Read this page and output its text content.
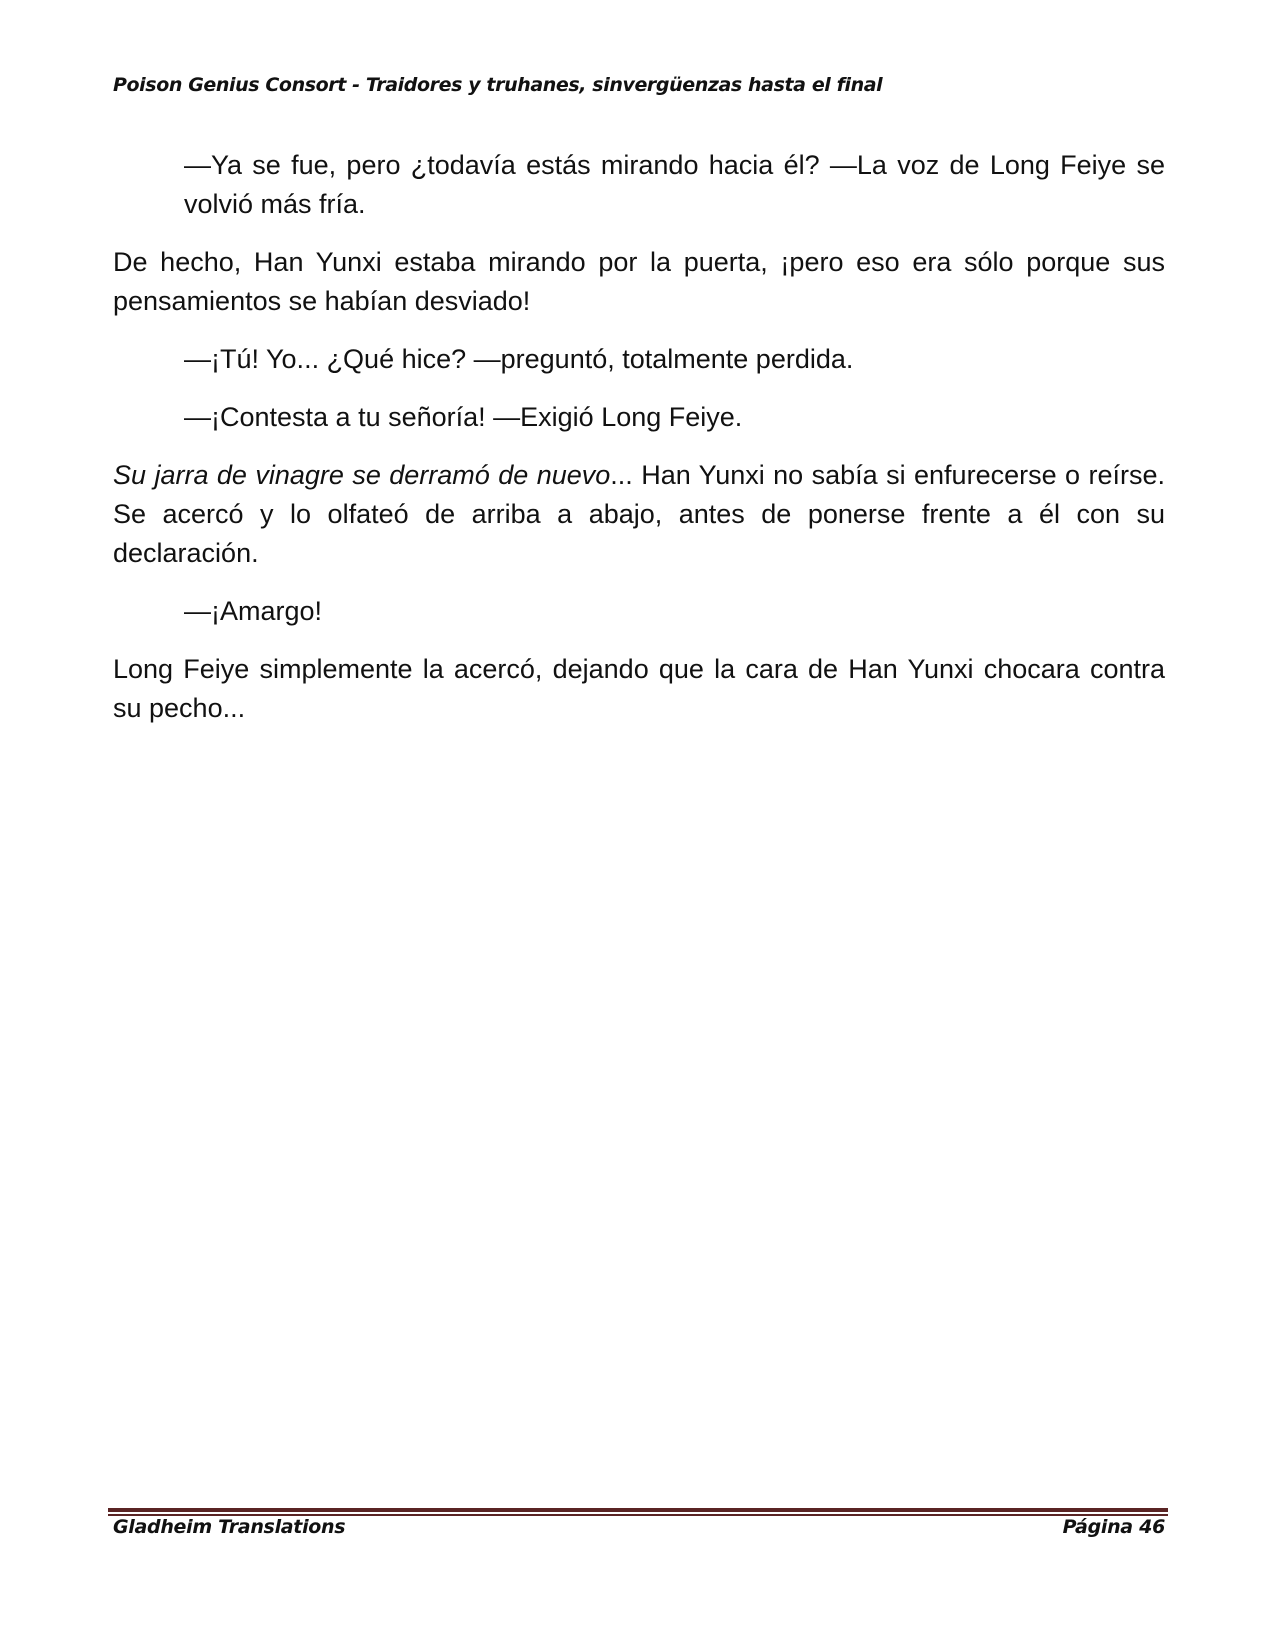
Poison Genius Consort - Traidores y truhanes, sinvergüenzas hasta el final

—Ya se fue, pero ¿todavía estás mirando hacia él? —La voz de Long Feiye se volvió más fría.

De hecho, Han Yunxi estaba mirando por la puerta, ¡pero eso era sólo porque sus pensamientos se habían desviado!

—¡Tú! Yo... ¿Qué hice? —preguntó, totalmente perdida.

—¡Contesta a tu señoría! —Exigió Long Feiye.

Su jarra de vinagre se derramó de nuevo... Han Yunxi no sabía si enfurecerse o reírse. Se acercó y lo olfateó de arriba a abajo, antes de ponerse frente a él con su declaración.

—¡Amargo!

Long Feiye simplemente la acercó, dejando que la cara de Han Yunxi chocara contra su pecho...

Gladheim Translations	Página 46
